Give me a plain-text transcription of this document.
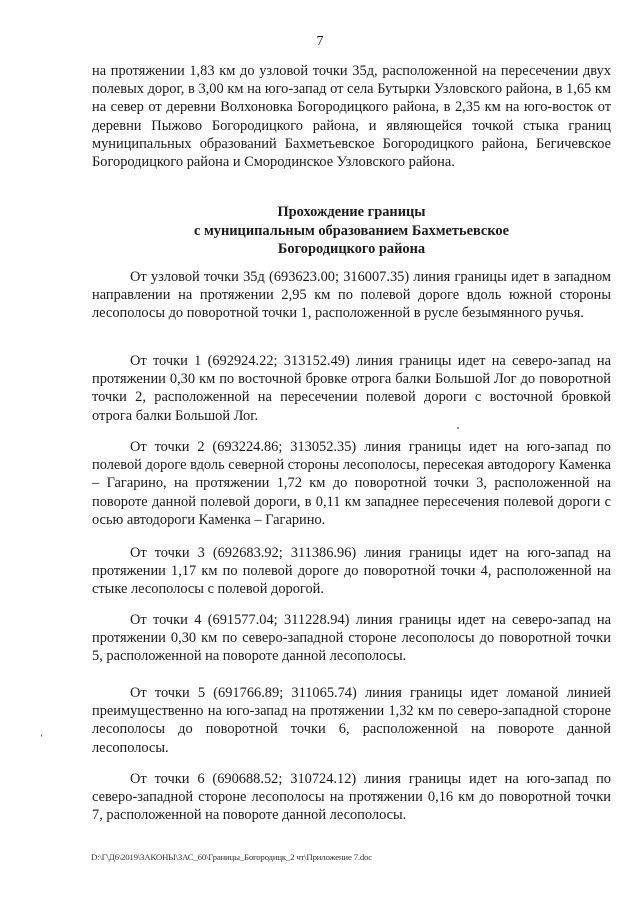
7

на протяжении 1,83 км до узловой точки 35д, расположенной на пересечении двух полевых дорог, в 3,00 км на юго-запад от села Бутырки Узловского района, в 1,65 км на север от деревни Волхоновка Богородицкого района, в 2,35 км на юго-восток от деревни Пыжово Богородицкого района, и являющейся точкой стыка границ муниципальных образований Бахметьевское Богородицкого района, Бегичевское Богородицкого района и Смородинское Узловского района.

Прохождение границы
с муниципальным образованием Бахметьевское
Богородицкого района

От узловой точки 35д (693623.00; 316007.35) линия границы идет в западном направлении на протяжении 2,95 км по полевой дороге вдоль южной стороны лесополосы до поворотной точки 1, расположенной в русле безымянного ручья.

От точки 1 (692924.22; 313152.49) линия границы идет на северо-запад на протяжении 0,30 км по восточной бровке отрога балки Большой Лог до поворотной точки 2, расположенной на пересечении полевой дороги с восточной бровкой отрога балки Большой Лог.

От точки 2 (693224.86; 313052.35) линия границы идет на юго-запад по полевой дороге вдоль северной стороны лесополосы, пересекая автодорогу Каменка – Гагарино, на протяжении 1,72 км до поворотной точки 3, расположенной на повороте данной полевой дороги, в 0,11 км западнее пересечения полевой дороги с осью автодороги Каменка – Гагарино.

От точки 3 (692683.92; 311386.96) линия границы идет на юго-запад на протяжении 1,17 км по полевой дороге до поворотной точки 4, расположенной на стыке лесополосы с полевой дорогой.

От точки 4 (691577.04; 311228.94) линия границы идет на северо-запад на протяжении 0,30 км по северо-западной стороне лесополосы до поворотной точки 5, расположенной на повороте данной лесополосы.

От точки 5 (691766.89; 311065.74) линия границы идет ломаной линией преимущественно на юго-запад на протяжении 1,32 км по северо-западной стороне лесополосы до поворотной точки 6, расположенной на повороте данной лесополосы.

От точки 6 (690688.52; 310724.12) линия границы идет на юго-запад по северо-западной стороне лесополосы на протяжении 0,16 км до поворотной точки 7, расположенной на повороте данной лесополосы.

‘
D:\Г\Д6\2019\ЗАКОНЫ\ЗАС_60\Границы_Богородицк_2 чт\Приложение 7.doc
